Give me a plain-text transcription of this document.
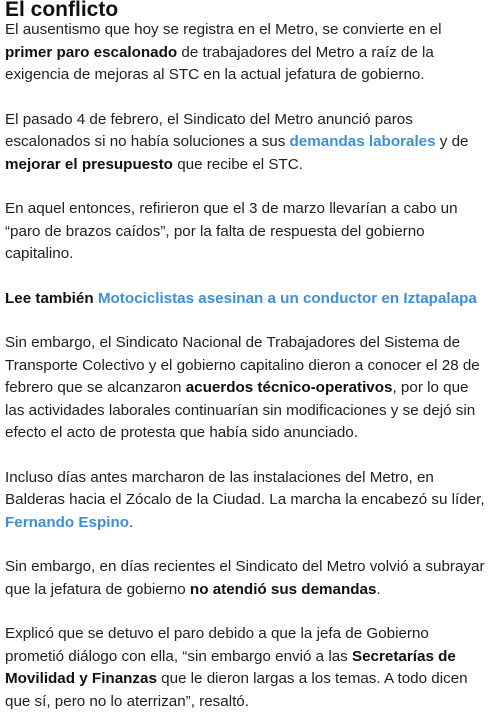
El conflicto

El ausentismo que hoy se registra en el Metro, se convierte en el primer paro escalonado de trabajadores del Metro a raíz de la exigencia de mejoras al STC en la actual jefatura de gobierno.

El pasado 4 de febrero, el Sindicato del Metro anunció paros escalonados si no había soluciones a sus demandas laborales y de mejorar el presupuesto que recibe el STC.

En aquel entonces, refirieron que el 3 de marzo llevarían a cabo un “paro de brazos caídos”, por la falta de respuesta del gobierno capitalino.

Lee también Motociclistas asesinan a un conductor en Iztapalapa

Sin embargo, el Sindicato Nacional de Trabajadores del Sistema de Transporte Colectivo y el gobierno capitalino dieron a conocer el 28 de febrero que se alcanzaron acuerdos técnico-operativos, por lo que las actividades laborales continuarían sin modificaciones y se dejó sin efecto el acto de protesta que había sido anunciado.

Incluso días antes marcharon de las instalaciones del Metro, en Balderas hacia el Zócalo de la Ciudad. La marcha la encabezó su líder, Fernando Espino.

Sin embargo, en días recientes el Sindicato del Metro volvió a subrayar que la jefatura de gobierno no atendió sus demandas.

Explicó que se detuvo el paro debido a que la jefa de Gobierno prometió diálogo con ella, “sin embargo envió a las Secretarías de Movilidad y Finanzas que le dieron largas a los temas. A todo dicen que sí, pero no lo aterrizan”, resaltó.
